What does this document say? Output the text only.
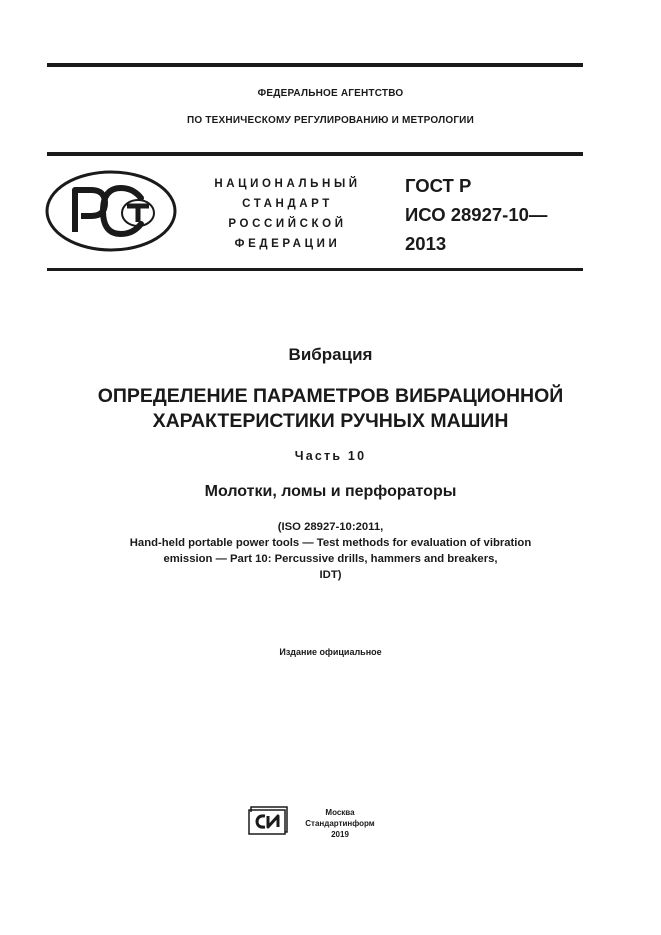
ФЕДЕРАЛЬНОЕ АГЕНТСТВО
ПО ТЕХНИЧЕСКОМУ РЕГУЛИРОВАНИЮ И МЕТРОЛОГИИ
НАЦИОНАЛЬНЫЙ
СТАНДАРТ
РОССИЙСКОЙ
ФЕДЕРАЦИИ
ГОСТ Р
ИСО 28927-10—
2013
Вибрация
ОПРЕДЕЛЕНИЕ ПАРАМЕТРОВ ВИБРАЦИОННОЙ
ХАРАКТЕРИСТИКИ РУЧНЫХ МАШИН
Часть 10
Молотки, ломы и перфораторы
(ISO 28927-10:2011,
Hand-held portable power tools — Test methods for evaluation of vibration
emission — Part 10: Percussive drills, hammers and breakers,
IDT)
Издание официальное
Москва
Стандартинформ
2019
